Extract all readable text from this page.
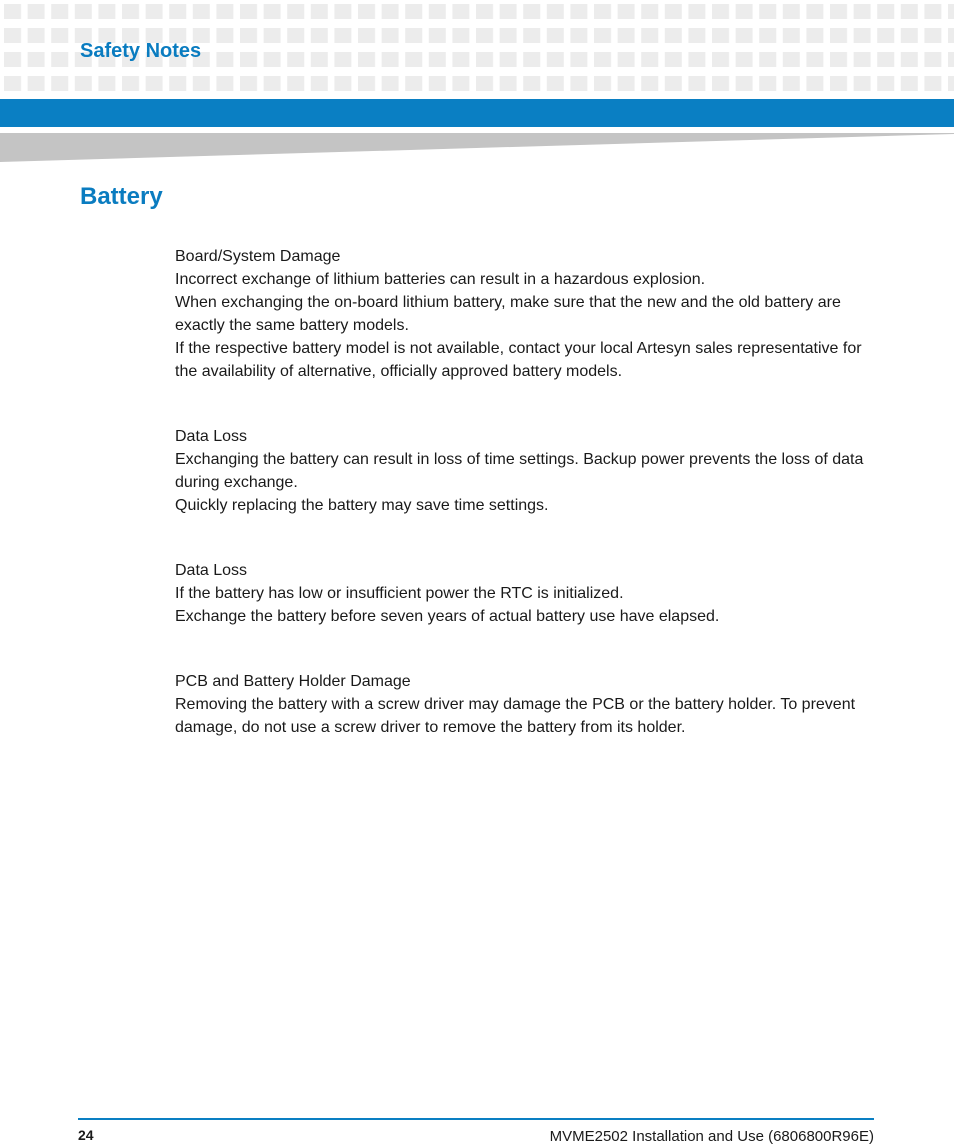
Safety Notes
Battery

Board/System Damage

Incorrect exchange of lithium batteries can result in a hazardous explosion.

When exchanging the on-board lithium battery, make sure that the new and the old battery are exactly the same battery models.

If the respective battery model is not available, contact your local Artesyn sales representative for the availability of alternative, officially approved battery models.

Data Loss

Exchanging the battery can result in loss of time settings. Backup power prevents the loss of data during exchange.

Quickly replacing the battery may save time settings.

Data Loss

If the battery has low or insufficient power the RTC is initialized.

Exchange the battery before seven years of actual battery use have elapsed.

PCB and Battery Holder Damage

Removing the battery with a screw driver may damage the PCB or the battery holder. To prevent damage, do not use a screw driver to remove the battery from its holder.

24	MVME2502 Installation and Use (6806800R96E)
